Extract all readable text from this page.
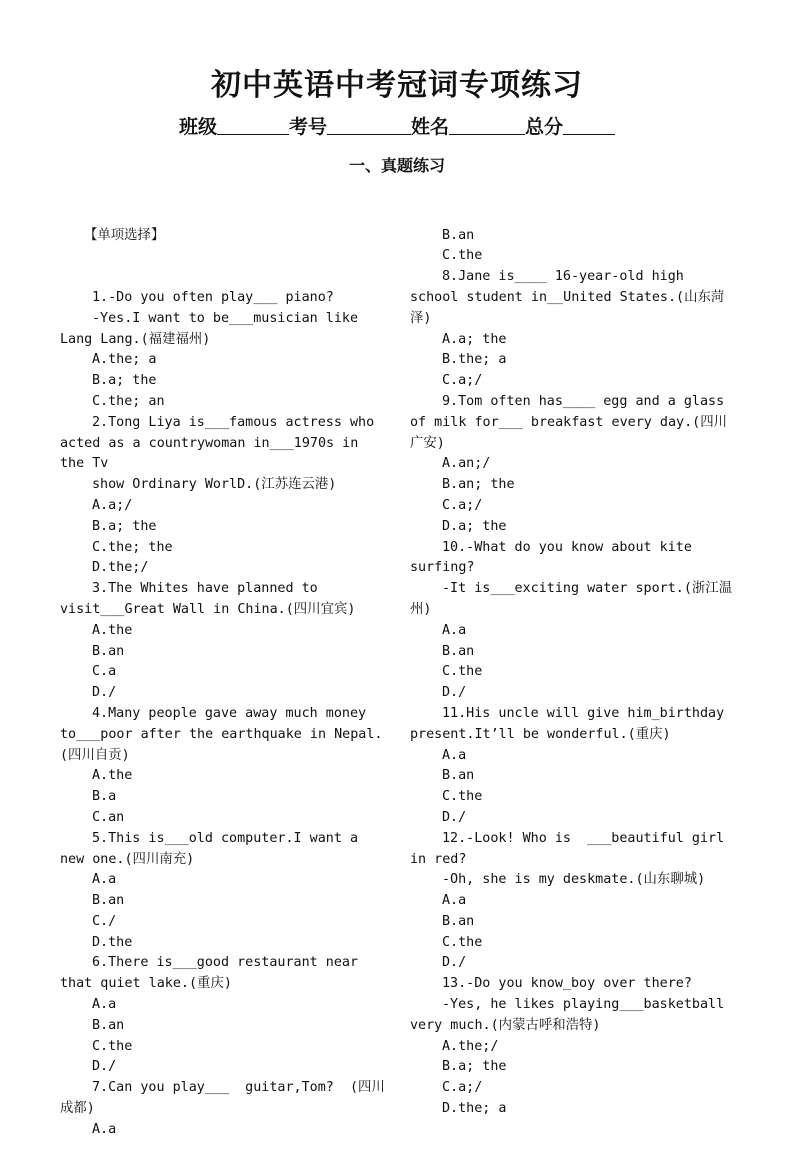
初中英语中考冠词专项练习
班级	考号	姓名	总分
一、真题练习

【单项选择】

1.-Do you often play___ piano?
-Yes.I want to be___musician like Lang Lang.(福建福州)
A.the; a
B.a; the
C.the; an
2.Tong Liya is___famous actress who acted as a countrywoman in___1970s in the Tv
show Ordinary WorlD.(江苏连云港)
A.a;/
B.a; the
C.the; the
D.the;/
3.The Whites have planned to visit___Great Wall in China.(四川宜宾)
A.the
B.an
C.a
D./
4.Many people gave away much money to___poor after the earthquake in Nepal.(四川自贡)
A.the
B.a
C.an
5.This is___old computer.I want a new one.(四川南充)
A.a
B.an
C./
D.the
6.There is___good restaurant near that quiet lake.(重庆)
A.a
B.an
C.the
D./
7.Can you play___  guitar,Tom?  (四川成都)
A.a

B.an
C.the
8.Jane is____ 16-year-old high school student in__United States.(山东菏泽)
A.a; the
B.the; a
C.a;/
9.Tom often has____ egg and a glass of milk for___ breakfast every day.(四川广安)
A.an;/
B.an; the
C.a;/
D.a; the
10.-What do you know about kite surfing?
-It is___exciting water sport.(浙江温州)
A.a
B.an
C.the
D./
11.His uncle will give him_birthday present.It’ll be wonderful.(重庆)
A.a
B.an
C.the
D./
12.-Look! Who is  ___beautiful girl in red?
-Oh, she is my deskmate.(山东聊城)
A.a
B.an
C.the
D./
13.-Do you know_boy over there?
-Yes, he likes playing___basketball very much.(内蒙古呼和浩特)
A.the;/
B.a; the
C.a;/
D.the; a
